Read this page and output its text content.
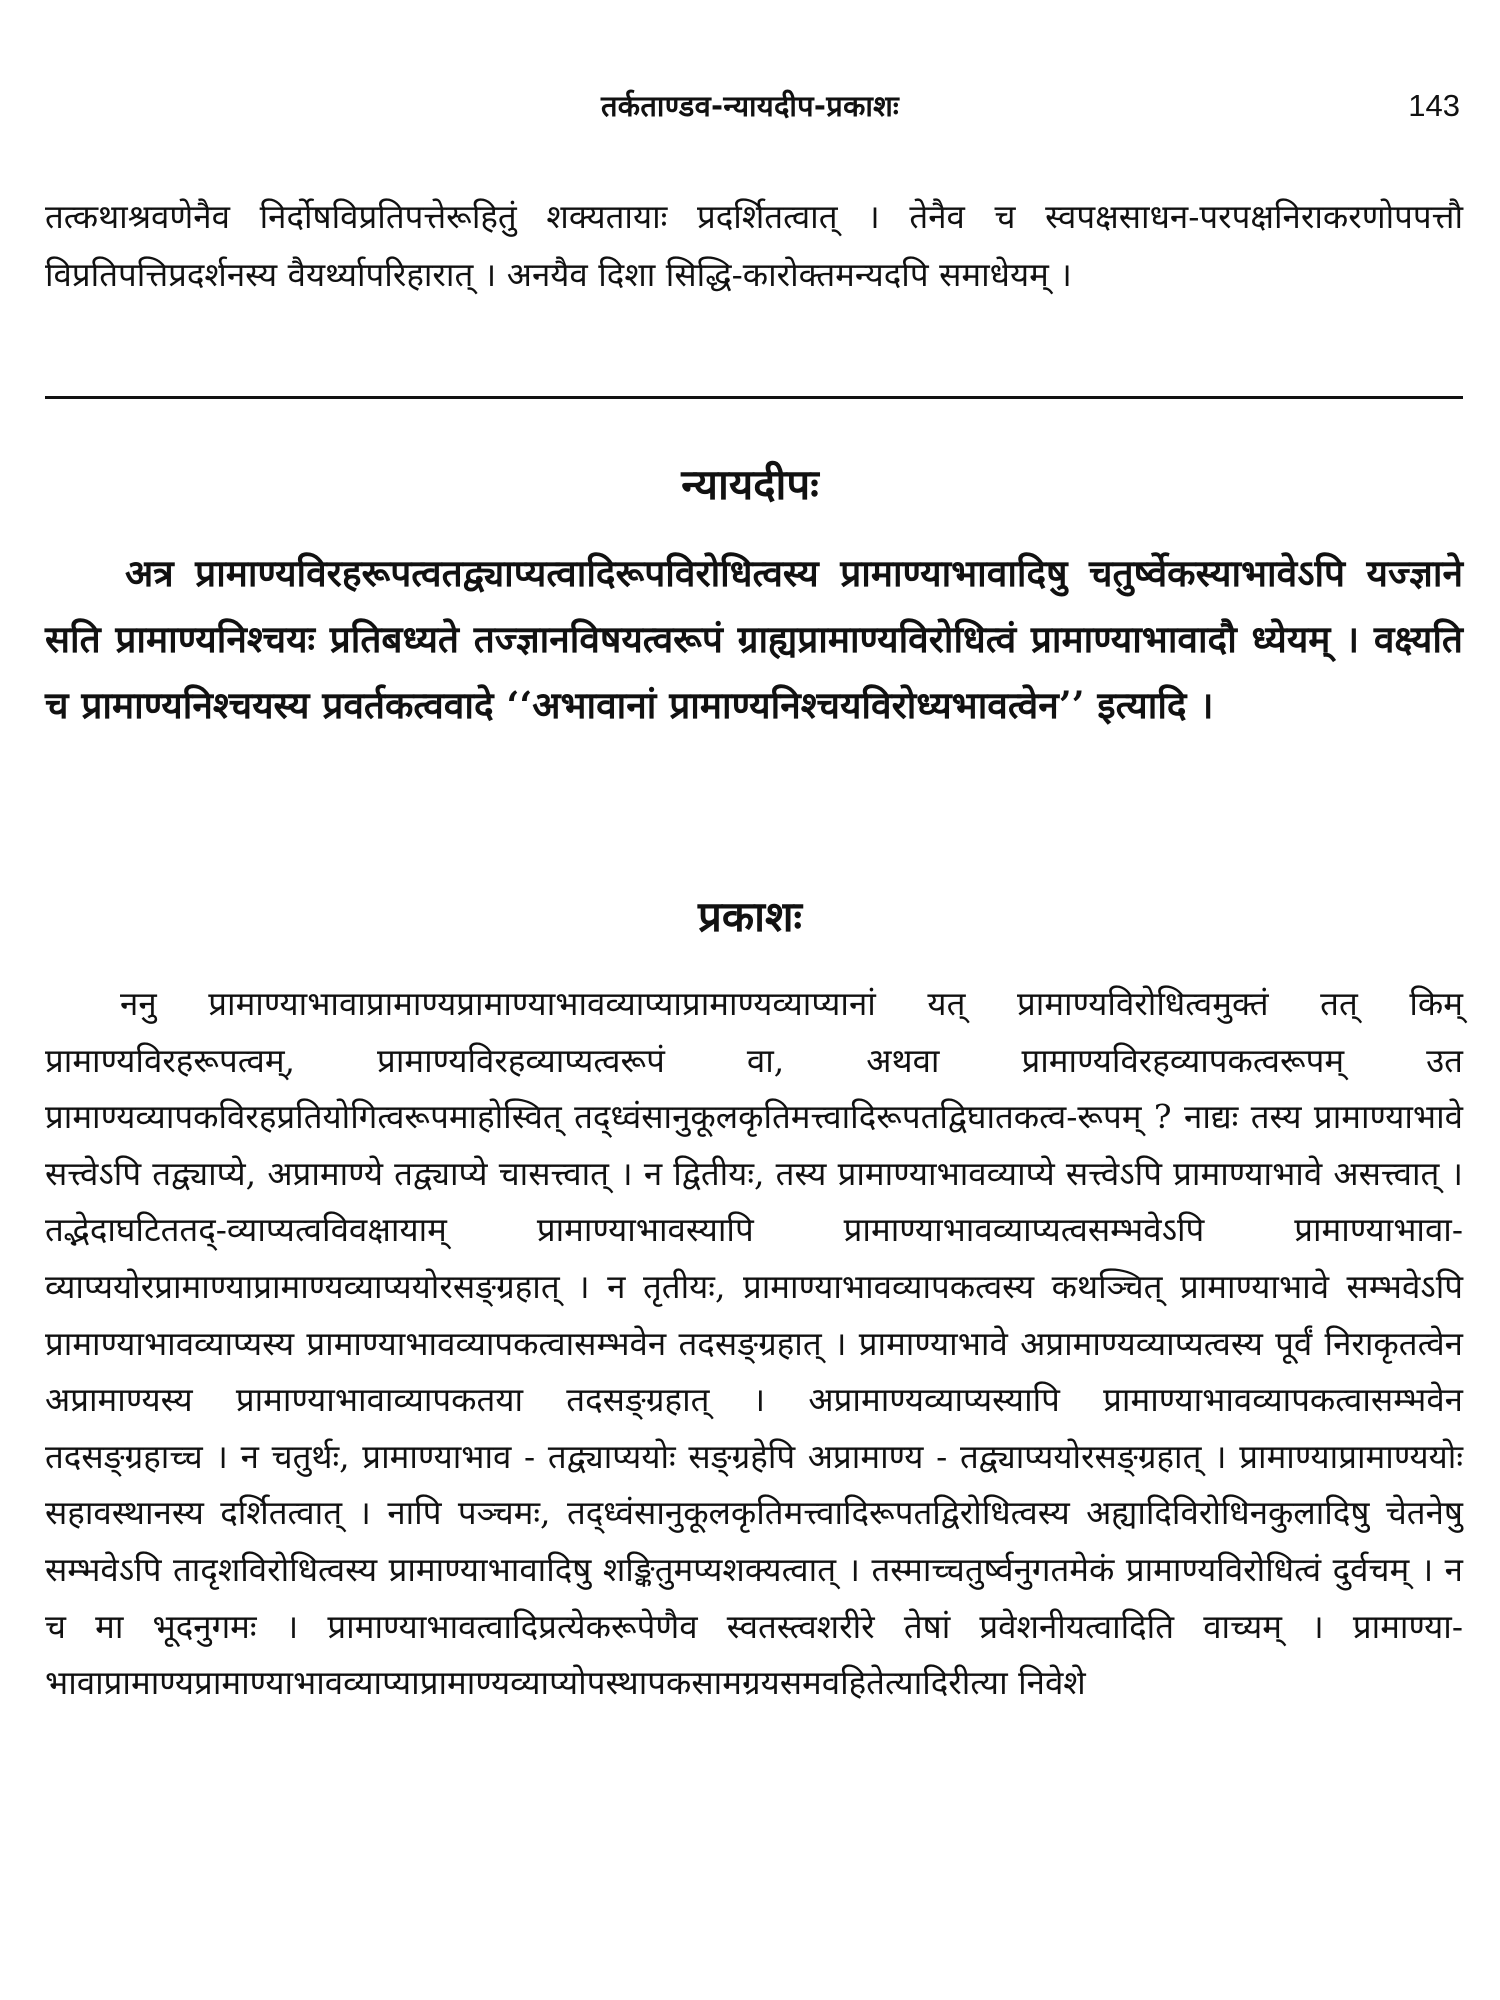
तर्कताण्डव-न्यायदीप-प्रकाशः	143

तत्कथाश्रवणेनैव निर्दोषविप्रतिपत्तेरूहितुं शक्यतायाः प्रदर्शितत्वात् । तेनैव च स्वपक्षसाधन-परपक्षनिराकरणोपपत्तौ विप्रतिपत्तिप्रदर्शनस्य वैयर्थ्यापरिहारात् । अनयैव दिशा सिद्धि-कारोक्तमन्यदपि समाधेयम् ।

न्यायदीपः

अत्र प्रामाण्यविरहरूपत्वतद्व्याप्यत्वादिरूपविरोधित्वस्य प्रामाण्याभावादिषु चतुर्ष्वेकस्याभावेऽपि यज्ज्ञाने सति प्रामाण्यनिश्चयः प्रतिबध्यते तज्ज्ञानविषयत्वरूपं ग्राह्यप्रामाण्यविरोधित्वं प्रामाण्याभावादौ ध्येयम् । वक्ष्यति च प्रामाण्यनिश्चयस्य प्रवर्तकत्ववादे ‘‘अभावानां प्रामाण्यनिश्चयविरोध्यभावत्वेन’’ इत्यादि ।

प्रकाशः

ननु प्रामाण्याभावाप्रामाण्यप्रामाण्याभावव्याप्याप्रामाण्यव्याप्यानां यत् प्रामाण्यविरोधित्वमुक्तं तत् किम् प्रामाण्यविरहरूपत्वम्, प्रामाण्यविरहव्याप्यत्वरूपं वा, अथवा प्रामाण्यविरहव्यापकत्वरूपम् उत प्रामाण्यव्यापकविरहप्रतियोगित्वरूपमाहोस्वित् तद्ध्वंसानुकूलकृतिमत्त्वादिरूपतद्विघातकत्व-रूपम् ? नाद्यः तस्य प्रामाण्याभावे सत्त्वेऽपि तद्व्याप्ये, अप्रामाण्ये तद्व्याप्ये चासत्त्वात् । न द्वितीयः, तस्य प्रामाण्याभावव्याप्ये सत्त्वेऽपि प्रामाण्याभावे असत्त्वात् । तद्भेदाघटिततद्-व्याप्यत्वविवक्षायाम् प्रामाण्याभावस्यापि प्रामाण्याभावव्याप्यत्वसम्भवेऽपि प्रामाण्याभावा-व्याप्ययोरप्रामाण्याप्रामाण्यव्याप्ययोरसङ्ग्रहात् । न तृतीयः, प्रामाण्याभावव्यापकत्वस्य कथञ्चित् प्रामाण्याभावे सम्भवेऽपि प्रामाण्याभावव्याप्यस्य प्रामाण्याभावव्यापकत्वासम्भवेन तदसङ्ग्रहात् । प्रामाण्याभावे अप्रामाण्यव्याप्यत्वस्य पूर्वं निराकृतत्वेन अप्रामाण्यस्य प्रामाण्याभावाव्यापकतया तदसङ्ग्रहात् । अप्रामाण्यव्याप्यस्यापि प्रामाण्याभावव्यापकत्वासम्भवेन तदसङ्ग्रहाच्च । न चतुर्थः, प्रामाण्याभाव - तद्व्याप्ययोः सङ्ग्रहेपि अप्रामाण्य - तद्व्याप्ययोरसङ्ग्रहात् । प्रामाण्याप्रामाण्ययोः सहावस्थानस्य दर्शितत्वात् । नापि पञ्चमः, तद्ध्वंसानुकूलकृतिमत्त्वादिरूपतद्विरोधित्वस्य अह्यादिविरोधिनकुलादिषु चेतनेषु सम्भवेऽपि तादृशविरोधित्वस्य प्रामाण्याभावादिषु शङ्कितुमप्यशक्यत्वात् । तस्माच्चतुर्ष्वनुगतमेकं प्रामाण्यविरोधित्वं दुर्वचम् । न च मा भूदनुगमः । प्रामाण्याभावत्वादिप्रत्येकरूपेणैव स्वतस्त्वशरीरे तेषां प्रवेशनीयत्वादिति वाच्यम् । प्रामाण्या-भावाप्रामाण्यप्रामाण्याभावव्याप्याप्रामाण्यव्याप्योपस्थापकसामग्रयसमवहितेत्यादिरीत्या निवेशे
